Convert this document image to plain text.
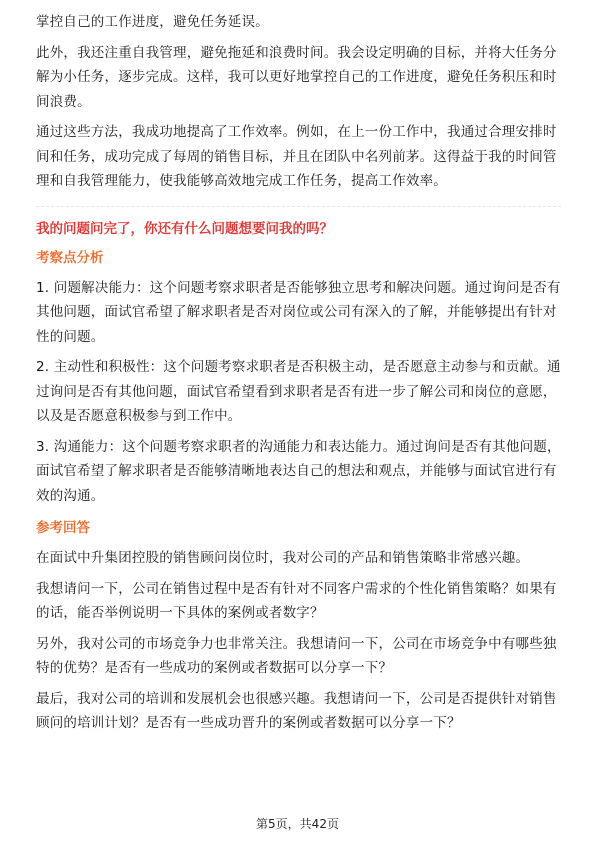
掌控自己的工作进度，避免任务延误。

此外，我还注重自我管理，避免拖延和浪费时间。我会设定明确的目标，并将大任务分解为小任务，逐步完成。这样，我可以更好地掌控自己的工作进度，避免任务积压和时间浪费。

通过这些方法，我成功地提高了工作效率。例如，在上一份工作中，我通过合理安排时间和任务，成功完成了每周的销售目标，并且在团队中名列前茅。这得益于我的时间管理和自我管理能力，使我能够高效地完成工作任务，提高工作效率。

我的问题问完了，你还有什么问题想要问我的吗？

考察点分析

1. 问题解决能力：这个问题考察求职者是否能够独立思考和解决问题。通过询问是否有其他问题，面试官希望了解求职者是否对岗位或公司有深入的了解，并能够提出有针对性的问题。

2. 主动性和积极性：这个问题考察求职者是否积极主动，是否愿意主动参与和贡献。通过询问是否有其他问题，面试官希望看到求职者是否有进一步了解公司和岗位的意愿，以及是否愿意积极参与到工作中。

3. 沟通能力：这个问题考察求职者的沟通能力和表达能力。通过询问是否有其他问题，面试官希望了解求职者是否能够清晰地表达自己的想法和观点，并能够与面试官进行有效的沟通。

参考回答

在面试中升集团控股的销售顾问岗位时，我对公司的产品和销售策略非常感兴趣。

我想请问一下，公司在销售过程中是否有针对不同客户需求的个性化销售策略？如果有的话，能否举例说明一下具体的案例或者数字？

另外，我对公司的市场竞争力也非常关注。我想请问一下，公司在市场竞争中有哪些独特的优势？是否有一些成功的案例或者数据可以分享一下？

最后，我对公司的培训和发展机会也很感兴趣。我想请问一下，公司是否提供针对销售顾问的培训计划？是否有一些成功晋升的案例或者数据可以分享一下？

第5页，共42页
